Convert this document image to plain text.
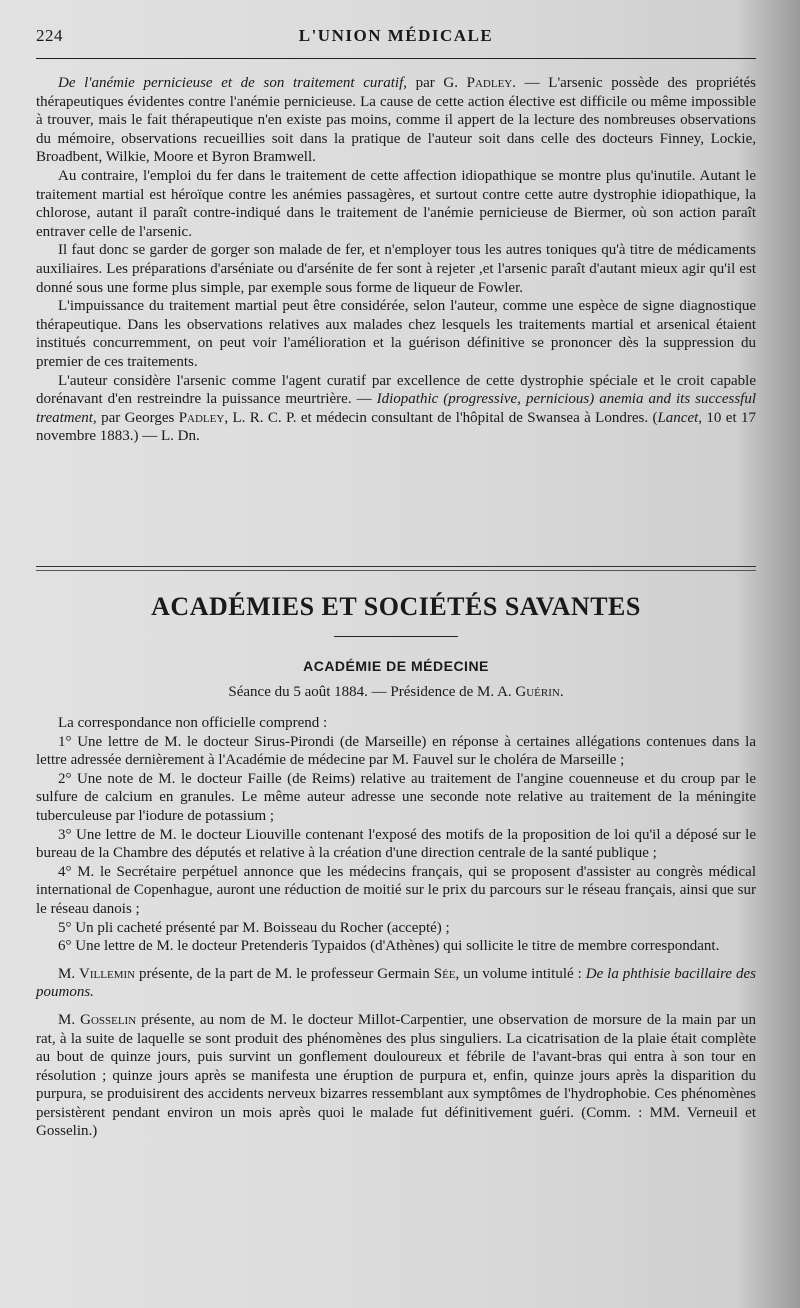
224	L'UNION MÉDICALE

De l'anémie pernicieuse et de son traitement curatif, par G. Padley. — L'arsenic possède des propriétés thérapeutiques évidentes contre l'anémie pernicieuse. La cause de cette action élective est difficile ou même impossible à trouver, mais le fait thérapeutique n'en existe pas moins, comme il appert de la lecture des nombreuses observations du mémoire, observations recueillies soit dans la pratique de l'auteur soit dans celle des docteurs Finney, Lockie, Broadbent, Wilkie, Moore et Byron Bramwell.

Au contraire, l'emploi du fer dans le traitement de cette affection idiopathique se montre plus qu'inutile. Autant le traitement martial est héroïque contre les anémies passagères, et surtout contre cette autre dystrophie idiopathique, la chlorose, autant il paraît contre-indiqué dans le traitement de l'anémie pernicieuse de Biermer, où son action paraît entraver celle de l'arsenic.

Il faut donc se garder de gorger son malade de fer, et n'employer tous les autres toniques qu'à titre de médicaments auxiliaires. Les préparations d'arséniate ou d'arsénite de fer sont à rejeter ,et l'arsenic paraît d'autant mieux agir qu'il est donné sous une forme plus simple, par exemple sous forme de liqueur de Fowler.

L'impuissance du traitement martial peut être considérée, selon l'auteur, comme une espèce de signe diagnostique thérapeutique. Dans les observations relatives aux malades chez lesquels les traitements martial et arsenical étaient institués concurremment, on peut voir l'amélioration et la guérison définitive se prononcer dès la suppression du premier de ces traitements.

L'auteur considère l'arsenic comme l'agent curatif par excellence de cette dystrophie spéciale et le croit capable dorénavant d'en restreindre la puissance meurtrière. — Idiopathic (progressive, pernicious) anemia and its successful treatment, par Georges Padley, L. R. C. P. et médecin consultant de l'hôpital de Swansea à Londres. (Lancet, 10 et 17 novembre 1883.) — L. Dn.

ACADÉMIES ET SOCIÉTÉS SAVANTES
ACADÉMIE DE MÉDECINE
Séance du 5 août 1884. — Présidence de M. A. Guérin.

La correspondance non officielle comprend :

1° Une lettre de M. le docteur Sirus-Pirondi (de Marseille) en réponse à certaines allégations contenues dans la lettre adressée dernièrement à l'Académie de médecine par M. Fauvel sur le choléra de Marseille ;

2° Une note de M. le docteur Faille (de Reims) relative au traitement de l'angine couenneuse et du croup par le sulfure de calcium en granules. Le même auteur adresse une seconde note relative au traitement de la méningite tuberculeuse par l'iodure de potassium ;

3° Une lettre de M. le docteur Liouville contenant l'exposé des motifs de la proposition de loi qu'il a déposé sur le bureau de la Chambre des députés et relative à la création d'une direction centrale de la santé publique ;

4° M. le Secrétaire perpétuel annonce que les médecins français, qui se proposent d'assister au congrès médical international de Copenhague, auront une réduction de moitié sur le prix du parcours sur le réseau français, ainsi que sur le réseau danois ;

5° Un pli cacheté présenté par M. Boisseau du Rocher (accepté) ;

6° Une lettre de M. le docteur Pretenderis Typaidos (d'Athènes) qui sollicite le titre de membre correspondant.

M. Villemin présente, de la part de M. le professeur Germain Sée, un volume intitulé : De la phthisie bacillaire des poumons.

M. Gosselin présente, au nom de M. le docteur Millot-Carpentier, une observation de morsure de la main par un rat, à la suite de laquelle se sont produit des phénomènes des plus singuliers. La cicatrisation de la plaie était complète au bout de quinze jours, puis survint un gonflement douloureux et fébrile de l'avant-bras qui entra à son tour en résolution ; quinze jours après se manifesta une éruption de purpura et, enfin, quinze jours après la disparition du purpura, se produisirent des accidents nerveux bizarres ressemblant aux symptômes de l'hydrophobie. Ces phénomènes persistèrent pendant environ un mois après quoi le malade fut définitivement guéri. (Comm. : MM. Verneuil et Gosselin.)
